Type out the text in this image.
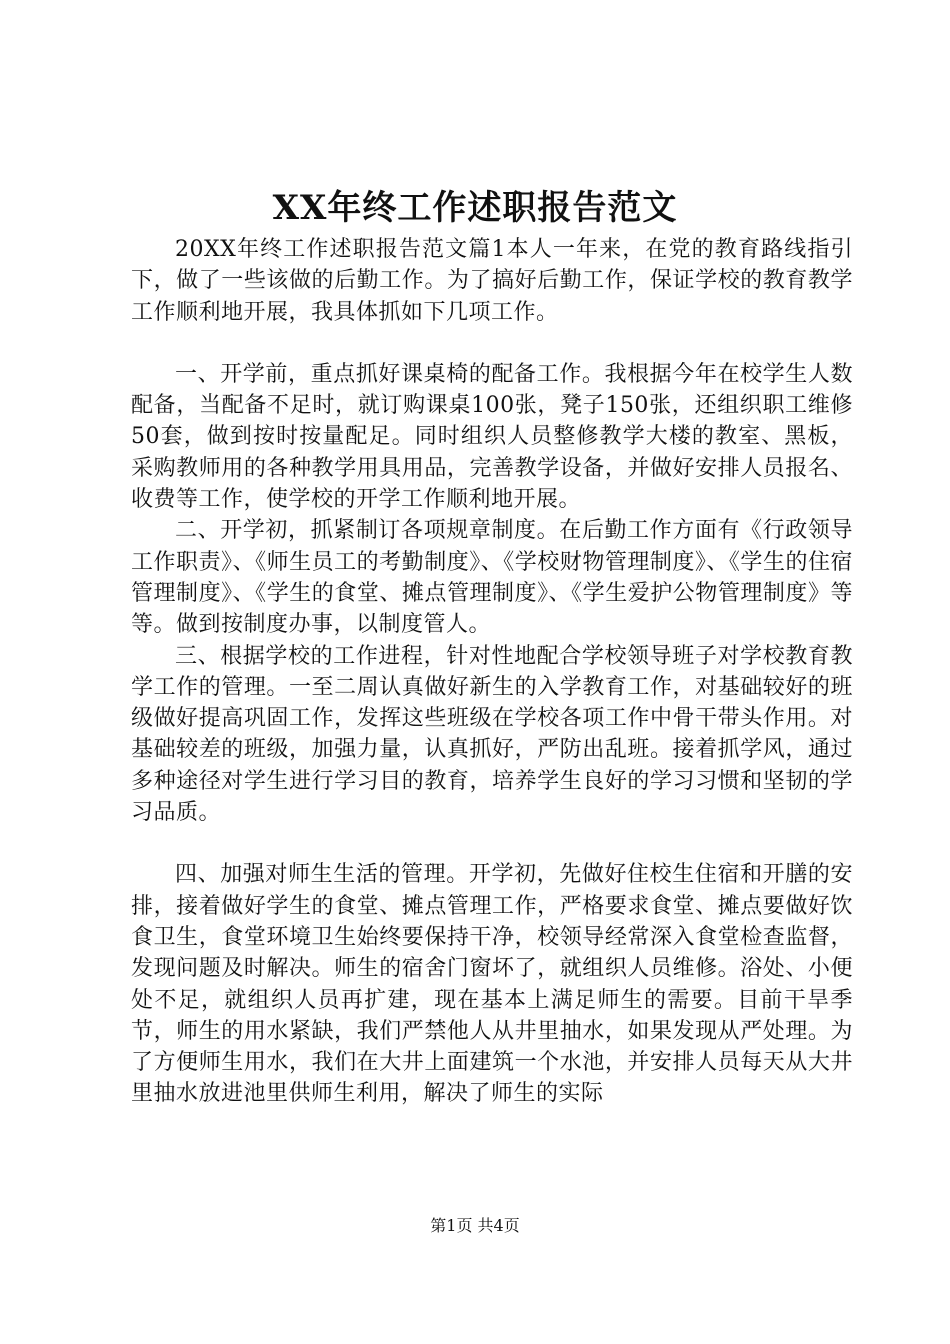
XX年终工作述职报告范文

20XX年终工作述职报告范文篇1本人一年来，在党的教育路线指引下，做了一些该做的后勤工作。为了搞好后勤工作，保证学校的教育教学工作顺利地开展，我具体抓如下几项工作。

一、开学前，重点抓好课桌椅的配备工作。我根据今年在校学生人数配备，当配备不足时，就订购课桌100张，凳子150张，还组织职工维修50套，做到按时按量配足。同时组织人员整修教学大楼的教室、黑板，采购教师用的各种教学用具用品，完善教学设备，并做好安排人员报名、收费等工作，使学校的开学工作顺利地开展。

二、开学初，抓紧制订各项规章制度。在后勤工作方面有《行政领导工作职责》、《师生员工的考勤制度》、《学校财物管理制度》、《学生的住宿管理制度》、《学生的食堂、摊点管理制度》、《学生爱护公物管理制度》等等。做到按制度办事，以制度管人。

三、根据学校的工作进程，针对性地配合学校领导班子对学校教育教学工作的管理。一至二周认真做好新生的入学教育工作，对基础较好的班级做好提高巩固工作，发挥这些班级在学校各项工作中骨干带头作用。对基础较差的班级，加强力量，认真抓好，严防出乱班。接着抓学风，通过多种途径对学生进行学习目的教育，培养学生良好的学习习惯和坚韧的学习品质。

四、加强对师生生活的管理。开学初，先做好住校生住宿和开膳的安排，接着做好学生的食堂、摊点管理工作，严格要求食堂、摊点要做好饮食卫生，食堂环境卫生始终要保持干净，校领导经常深入食堂检查监督，发现问题及时解决。师生的宿舍门窗坏了，就组织人员维修。浴处、小便处不足，就组织人员再扩建，现在基本上满足师生的需要。目前干旱季节，师生的用水紧缺，我们严禁他人从井里抽水，如果发现从严处理。为了方便师生用水，我们在大井上面建筑一个水池，并安排人员每天从大井里抽水放进池里供师生利用，解决了师生的实际

第1页 共4页
